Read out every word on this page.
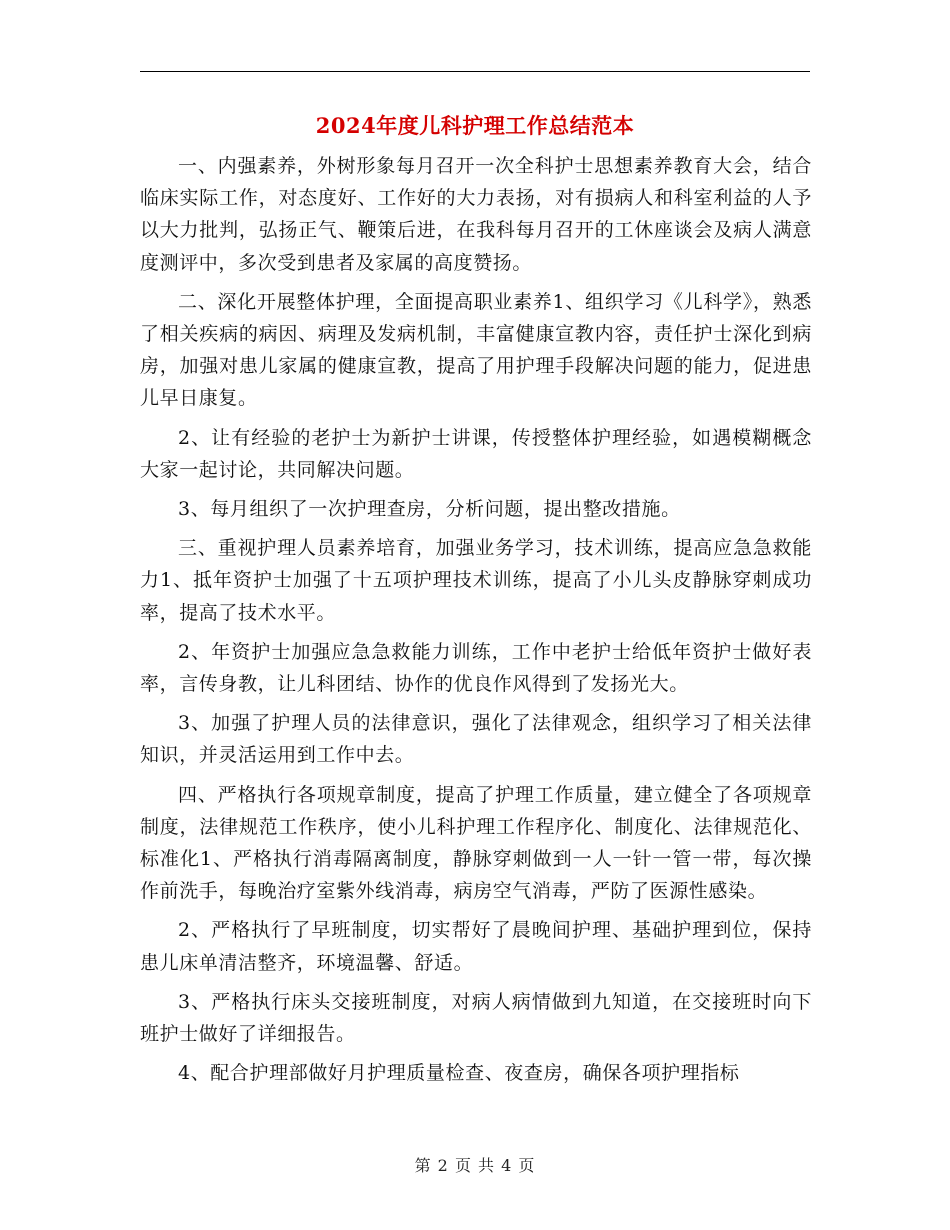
2024年度儿科护理工作总结范本

一、内强素养，外树形象每月召开一次全科护士思想素养教育大会，结合临床实际工作，对态度好、工作好的大力表扬，对有损病人和科室利益的人予以大力批判，弘扬正气、鞭策后进，在我科每月召开的工休座谈会及病人满意度测评中，多次受到患者及家属的高度赞扬。

二、深化开展整体护理，全面提高职业素养1、组织学习《儿科学》，熟悉了相关疾病的病因、病理及发病机制，丰富健康宣教内容，责任护士深化到病房，加强对患儿家属的健康宣教，提高了用护理手段解决问题的能力，促进患儿早日康复。

2、让有经验的老护士为新护士讲课，传授整体护理经验，如遇模糊概念大家一起讨论，共同解决问题。

3、每月组织了一次护理查房，分析问题，提出整改措施。

三、重视护理人员素养培育，加强业务学习，技术训练，提高应急急救能力1、抵年资护士加强了十五项护理技术训练，提高了小儿头皮静脉穿刺成功率，提高了技术水平。

2、年资护士加强应急急救能力训练，工作中老护士给低年资护士做好表率，言传身教，让儿科团结、协作的优良作风得到了发扬光大。

3、加强了护理人员的法律意识，强化了法律观念，组织学习了相关法律知识，并灵活运用到工作中去。

四、严格执行各项规章制度，提高了护理工作质量，建立健全了各项规章制度，法律规范工作秩序，使小儿科护理工作程序化、制度化、法律规范化、标准化1、严格执行消毒隔离制度，静脉穿刺做到一人一针一管一带，每次操作前洗手，每晚治疗室紫外线消毒，病房空气消毒，严防了医源性感染。

2、严格执行了早班制度，切实帮好了晨晚间护理、基础护理到位，保持患儿床单清洁整齐，环境温馨、舒适。

3、严格执行床头交接班制度，对病人病情做到九知道，在交接班时向下班护士做好了详细报告。

4、配合护理部做好月护理质量检查、夜查房，确保各项护理指标

第 2 页 共 4 页
